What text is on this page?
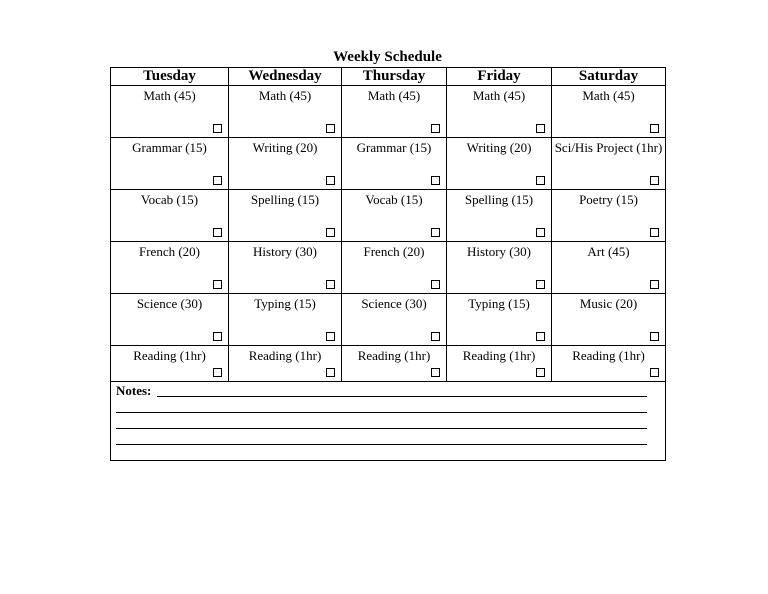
Weekly Schedule
Tuesday	Wednesday	Thursday	Friday	Saturday

Math (45)	Math (45)	Math (45)	Math (45)	Math (45)

Grammar (15)	Writing (20)	Grammar (15)	Writing (20)	Sci/His Project (1hr)

Vocab (15)	Spelling (15)	Vocab (15)	Spelling (15)	Poetry (15)

French (20)	History (30)	French (20)	History (30)	Art (45)

Science (30)	Typing (15)	Science (30)	Typing (15)	Music (20)

Reading (1hr)	Reading (1hr)	Reading (1hr)	Reading (1hr)	Reading (1hr)

Notes:				
